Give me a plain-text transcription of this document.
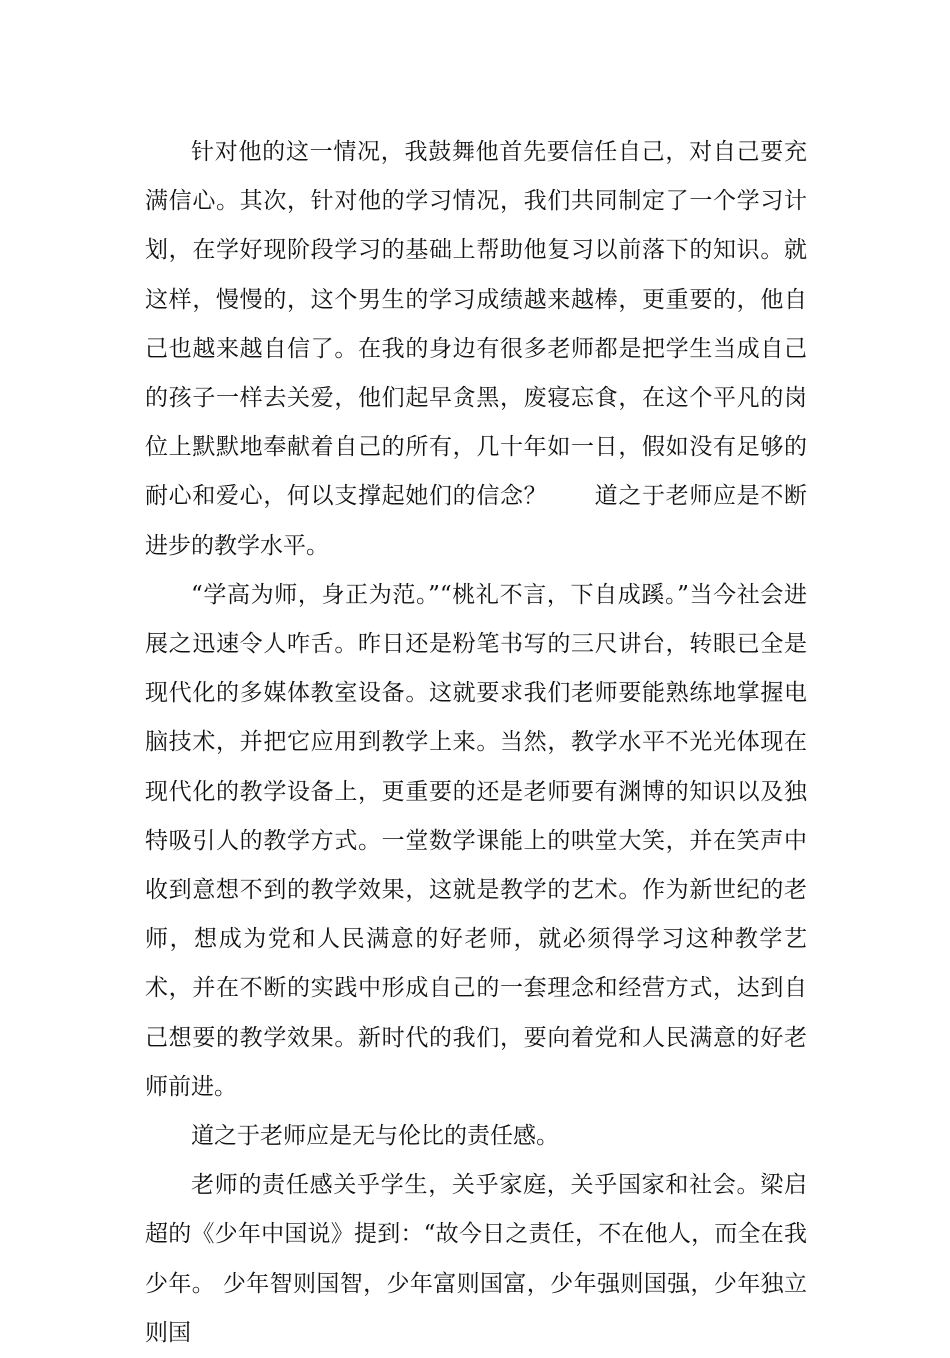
针对他的这一情况，我鼓舞他首先要信任自己，对自己要充满信心。其次，针对他的学习情况，我们共同制定了一个学习计划，在学好现阶段学习的基础上帮助他复习以前落下的知识。就这样，慢慢的，这个男生的学习成绩越来越棒，更重要的，他自己也越来越自信了。在我的身边有很多老师都是把学生当成自己的孩子一样去关爱，他们起早贪黑，废寝忘食，在这个平凡的岗位上默默地奉献着自己的所有，几十年如一日，假如没有足够的耐心和爱心，何以支撑起她们的信念？　　道之于老师应是不断进步的教学水平。

“学高为师，身正为范。”“桃礼不言，下自成蹊。”当今社会进展之迅速令人咋舌。昨日还是粉笔书写的三尺讲台，转眼已全是现代化的多媒体教室设备。这就要求我们老师要能熟练地掌握电脑技术，并把它应用到教学上来。当然，教学水平不光光体现在现代化的教学设备上，更重要的还是老师要有渊博的知识以及独特吸引人的教学方式。一堂数学课能上的哄堂大笑，并在笑声中收到意想不到的教学效果，这就是教学的艺术。作为新世纪的老师，想成为党和人民满意的好老师，就必须得学习这种教学艺术，并在不断的实践中形成自己的一套理念和经营方式，达到自己想要的教学效果。新时代的我们，要向着党和人民满意的好老师前进。

道之于老师应是无与伦比的责任感。

老师的责任感关乎学生，关乎家庭，关乎国家和社会。梁启超的《少年中国说》提到：“故今日之责任，不在他人，而全在我少年。 少年智则国智，少年富则国富，少年强则国强，少年独立则国
